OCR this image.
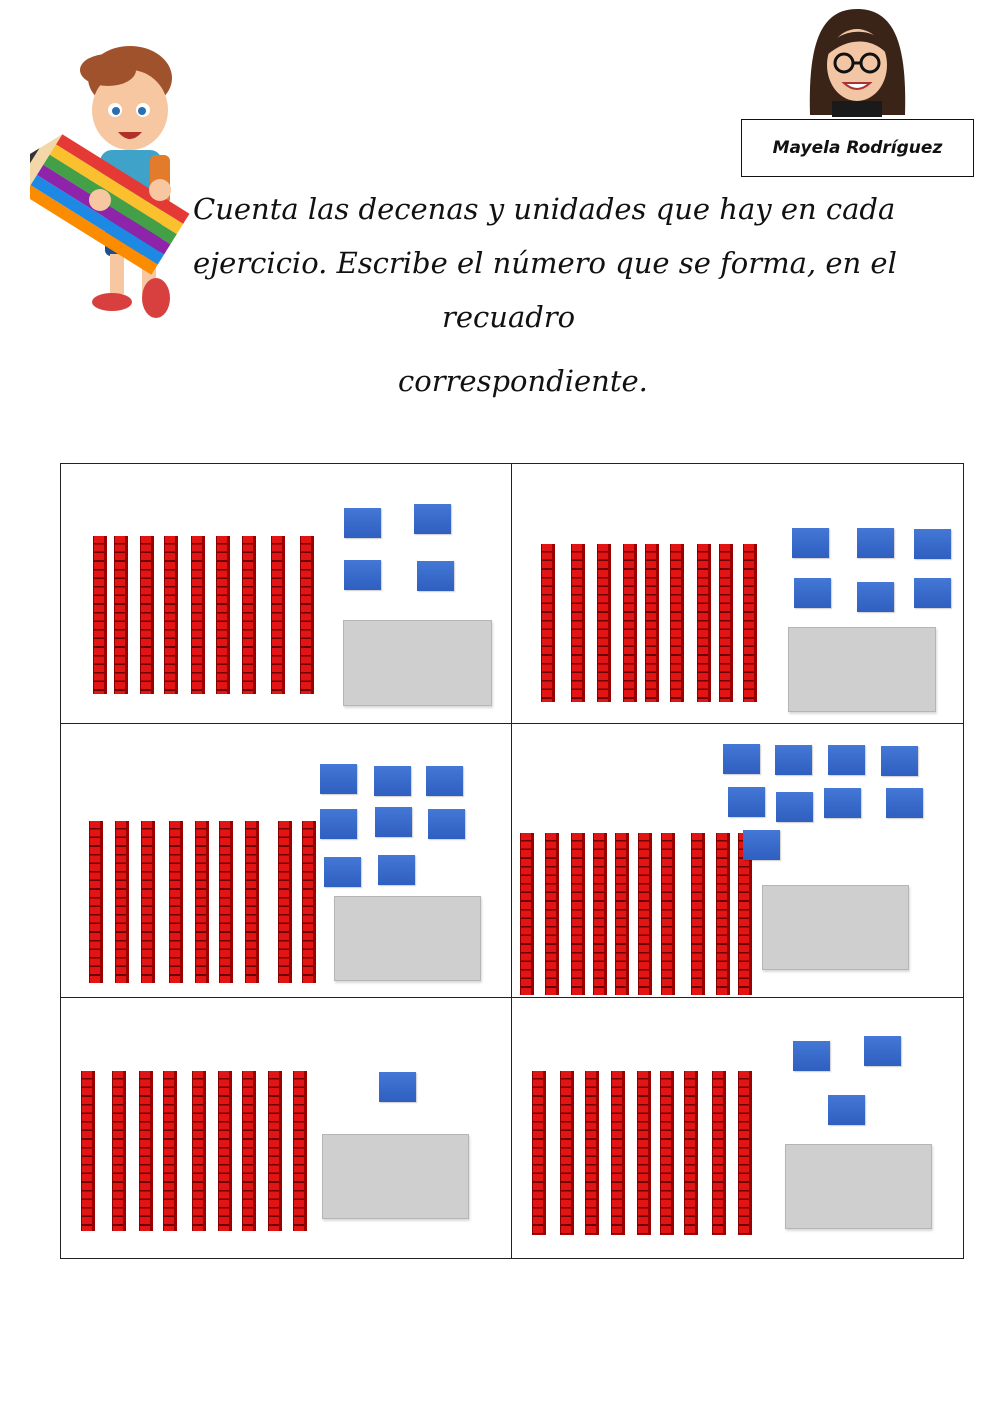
Mayela Rodríguez
Cuenta las decenas y unidades que hay en cada
ejercicio. Escribe el número que se forma, en el
recuadro
correspondiente.
